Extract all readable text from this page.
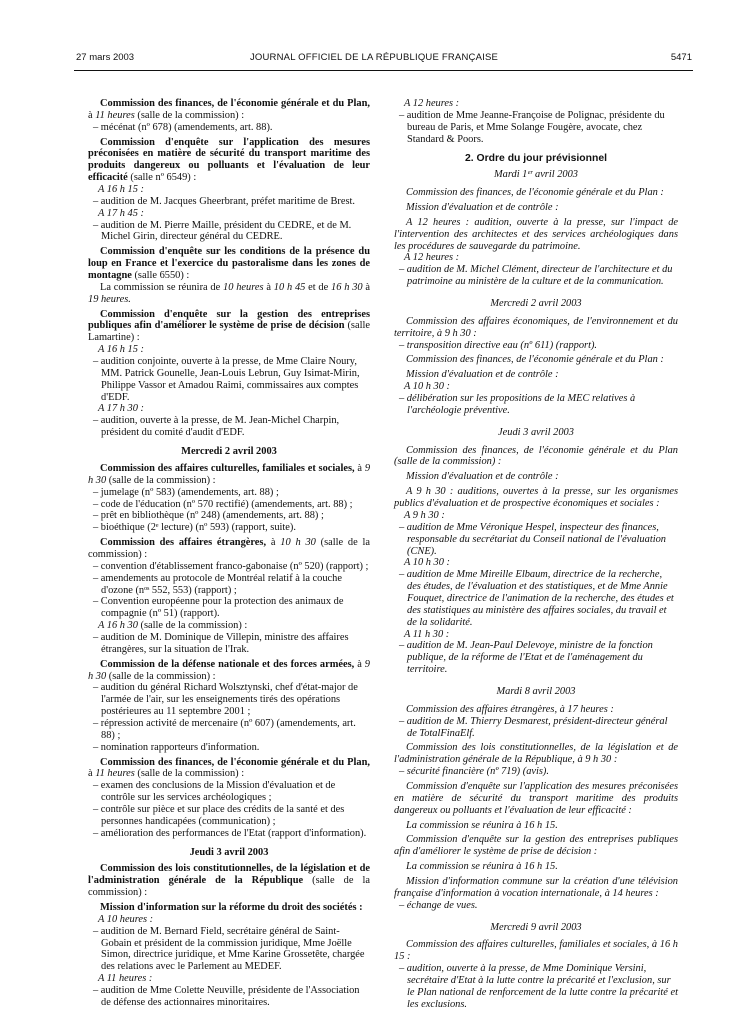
27 mars 2003	JOURNAL OFFICIEL DE LA RÉPUBLIQUE FRANÇAISE	5471

Commission des finances, de l'économie générale et du Plan, à 11 heures (salle de la commission) :

– mécénat (nº 678) (amendements, art. 88).

Commission d'enquête sur l'application des mesures préconisées en matière de sécurité du transport maritime des produits dangereux ou polluants et l'évaluation de leur efficacité (salle nº 6549) :

A 16 h 15 :

– audition de M. Jacques Gheerbrant, préfet maritime de Brest.

A 17 h 45 :

– audition de M. Pierre Maille, président du CEDRE, et de M. Michel Girin, directeur général du CEDRE.

Commission d'enquête sur les conditions de la présence du loup en France et l'exercice du pastoralisme dans les zones de montagne (salle 6550) :

La commission se réunira de 10 heures à 10 h 45 et de 16 h 30 à 19 heures.

Commission d'enquête sur la gestion des entreprises publiques afin d'améliorer le système de prise de décision (salle Lamartine) :

A 16 h 15 :

– audition conjointe, ouverte à la presse, de Mme Claire Noury, MM. Patrick Gounelle, Jean-Louis Lebrun, Guy Isimat-Mirin, Philippe Vassor et Amadou Raimi, commissaires aux comptes d'EDF.

A 17 h 30 :

– audition, ouverte à la presse, de M. Jean-Michel Charpin, président du comité d'audit d'EDF.

Mercredi 2 avril 2003

Commission des affaires culturelles, familiales et sociales, à 9 h 30 (salle de la commission) :

– jumelage (nº 583) (amendements, art. 88) ;

– code de l'éducation (nº 570 rectifié) (amendements, art. 88) ;

– prêt en bibliothèque (nº 248) (amendements, art. 88) ;

– bioéthique (2ᵉ lecture) (nº 593) (rapport, suite).

Commission des affaires étrangères, à 10 h 30 (salle de la commission) :

– convention d'établissement franco-gabonaise (nº 520) (rapport) ;

– amendements au protocole de Montréal relatif à la couche d'ozone (nᵒˢ 552, 553) (rapport) ;

– Convention européenne pour la protection des animaux de compagnie (nº 51) (rapport).

A 16 h 30 (salle de la commission) :

– audition de M. Dominique de Villepin, ministre des affaires étrangères, sur la situation de l'Irak.

Commission de la défense nationale et des forces armées, à 9 h 30 (salle de la commission) :

– audition du général Richard Wolsztynski, chef d'état-major de l'armée de l'air, sur les enseignements tirés des opérations postérieures au 11 septembre 2001 ;

– répression activité de mercenaire (nº 607) (amendements, art. 88) ;

– nomination rapporteurs d'information.

Commission des finances, de l'économie générale et du Plan, à 11 heures (salle de la commission) :

– examen des conclusions de la Mission d'évaluation et de contrôle sur les services archéologiques ;

– contrôle sur pièce et sur place des crédits de la santé et des personnes handicapées (communication) ;

– amélioration des performances de l'Etat (rapport d'information).

Jeudi 3 avril 2003

Commission des lois constitutionnelles, de la législation et de l'administration générale de la République (salle de la commission) :

Mission d'information sur la réforme du droit des sociétés :

A 10 heures :

– audition de M. Bernard Field, secrétaire général de Saint-Gobain et président de la commission juridique, Mme Joëlle Simon, directrice juridique, et Mme Karine Grossetête, chargée des relations avec le Parlement au MEDEF.

A 11 heures :

– audition de Mme Colette Neuville, présidente de l'Association de défense des actionnaires minoritaires.

A 12 heures :

– audition de Mme Jeanne-Françoise de Polignac, présidente du bureau de Paris, et Mme Solange Fougère, avocate, chez Standard & Poors.

2. Ordre du jour prévisionnel

Mardi 1ᵉʳ avril 2003

Commission des finances, de l'économie générale et du Plan :

Mission d'évaluation et de contrôle :

A 12 heures : audition, ouverte à la presse, sur l'impact de l'intervention des architectes et des services archéologiques dans les procédures de sauvegarde du patrimoine.

A 12 heures :

– audition de M. Michel Clément, directeur de l'architecture et du patrimoine au ministère de la culture et de la communication.

Mercredi 2 avril 2003

Commission des affaires économiques, de l'environnement et du territoire, à 9 h 30 :

– transposition directive eau (nº 611) (rapport).

Commission des finances, de l'économie générale et du Plan :

Mission d'évaluation et de contrôle :

A 10 h 30 :

– délibération sur les propositions de la MEC relatives à l'archéologie préventive.

Jeudi 3 avril 2003

Commission des finances, de l'économie générale et du Plan (salle de la commission) :

Mission d'évaluation et de contrôle :

A 9 h 30 : auditions, ouvertes à la presse, sur les organismes publics d'évaluation et de prospective économiques et sociales :

A 9 h 30 :

– audition de Mme Véronique Hespel, inspecteur des finances, responsable du secrétariat du Conseil national de l'évaluation (CNE).

A 10 h 30 :

– audition de Mme Mireille Elbaum, directrice de la recherche, des études, de l'évaluation et des statistiques, et de Mme Annie Fouquet, directrice de l'animation de la recherche, des études et des statistiques au ministère des affaires sociales, du travail et de la solidarité.

A 11 h 30 :

– audition de M. Jean-Paul Delevoye, ministre de la fonction publique, de la réforme de l'Etat et de l'aménagement du territoire.

Mardi 8 avril 2003

Commission des affaires étrangères, à 17 heures :

– audition de M. Thierry Desmarest, président-directeur général de TotalFinaElf.

Commission des lois constitutionnelles, de la législation et de l'administration générale de la République, à 9 h 30 :

– sécurité financière (nº 719) (avis).

Commission d'enquête sur l'application des mesures préconisées en matière de sécurité du transport maritime des produits dangereux ou polluants et l'évaluation de leur efficacité :

La commission se réunira à 16 h 15.

Commission d'enquête sur la gestion des entreprises publiques afin d'améliorer le système de prise de décision :

La commission se réunira à 16 h 15.

Mission d'information commune sur la création d'une télévision française d'information à vocation internationale, à 14 heures :

– échange de vues.

Mercredi 9 avril 2003

Commission des affaires culturelles, familiales et sociales, à 16 h 15 :

– audition, ouverte à la presse, de Mme Dominique Versini, secrétaire d'Etat à la lutte contre la précarité et l'exclusion, sur le Plan national de renforcement de la lutte contre la précarité et les exclusions.
